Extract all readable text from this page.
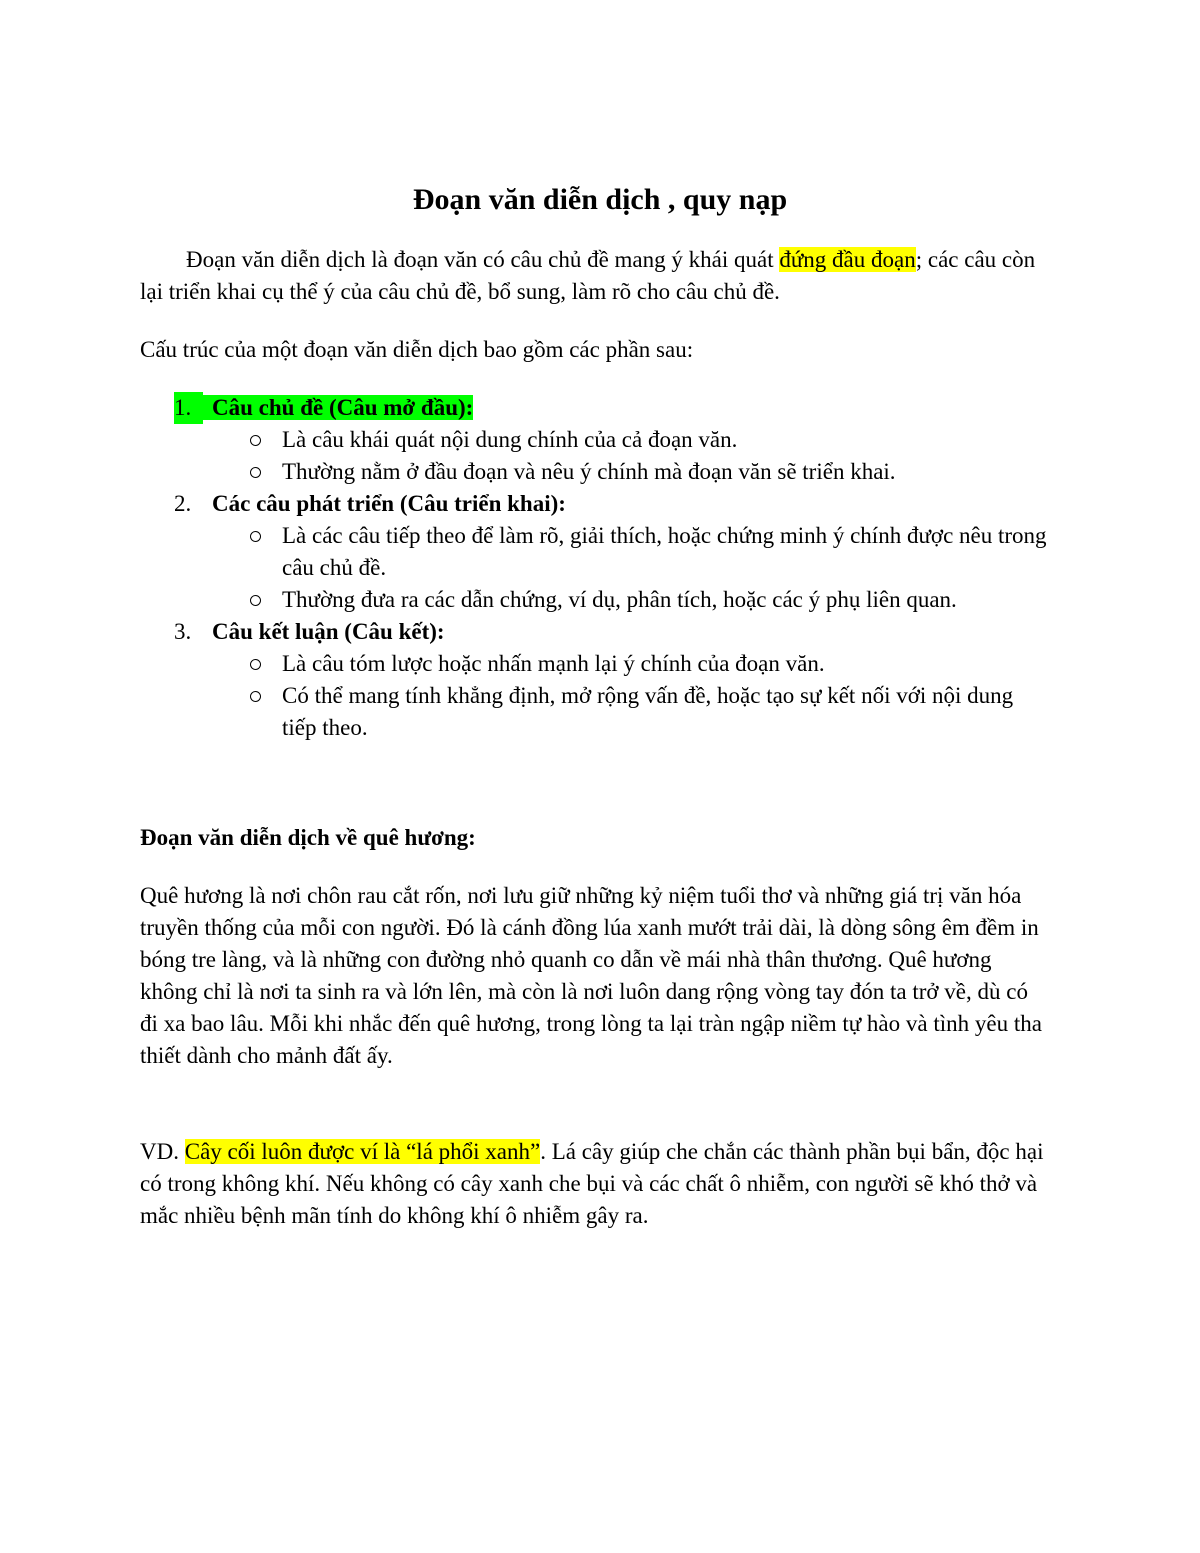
Đoạn văn diễn dịch , quy nạp

Đoạn văn diễn dịch là đoạn văn có câu chủ đề mang ý khái quát đứng đầu đoạn; các câu còn lại triển khai cụ thể ý của câu chủ đề, bổ sung, làm rõ cho câu chủ đề.

Cấu trúc của một đoạn văn diễn dịch bao gồm các phần sau:

1. Câu chủ đề (Câu mở đầu):
Là câu khái quát nội dung chính của cả đoạn văn.
Thường nằm ở đầu đoạn và nêu ý chính mà đoạn văn sẽ triển khai.
2. Các câu phát triển (Câu triển khai):
Là các câu tiếp theo để làm rõ, giải thích, hoặc chứng minh ý chính được nêu trong câu chủ đề.
Thường đưa ra các dẫn chứng, ví dụ, phân tích, hoặc các ý phụ liên quan.
3. Câu kết luận (Câu kết):
Là câu tóm lược hoặc nhấn mạnh lại ý chính của đoạn văn.
Có thể mang tính khẳng định, mở rộng vấn đề, hoặc tạo sự kết nối với nội dung tiếp theo.

Đoạn văn diễn dịch về quê hương:

Quê hương là nơi chôn rau cắt rốn, nơi lưu giữ những kỷ niệm tuổi thơ và những giá trị văn hóa truyền thống của mỗi con người. Đó là cánh đồng lúa xanh mướt trải dài, là dòng sông êm đềm in bóng tre làng, và là những con đường nhỏ quanh co dẫn về mái nhà thân thương. Quê hương không chỉ là nơi ta sinh ra và lớn lên, mà còn là nơi luôn dang rộng vòng tay đón ta trở về, dù có đi xa bao lâu. Mỗi khi nhắc đến quê hương, trong lòng ta lại tràn ngập niềm tự hào và tình yêu tha thiết dành cho mảnh đất ấy.

VD. Cây cối luôn được ví là “lá phổi xanh”. Lá cây giúp che chắn các thành phần bụi bẩn, độc hại có trong không khí. Nếu không có cây xanh che bụi và các chất ô nhiễm, con người sẽ khó thở và mắc nhiều bệnh mãn tính do không khí ô nhiễm gây ra.
